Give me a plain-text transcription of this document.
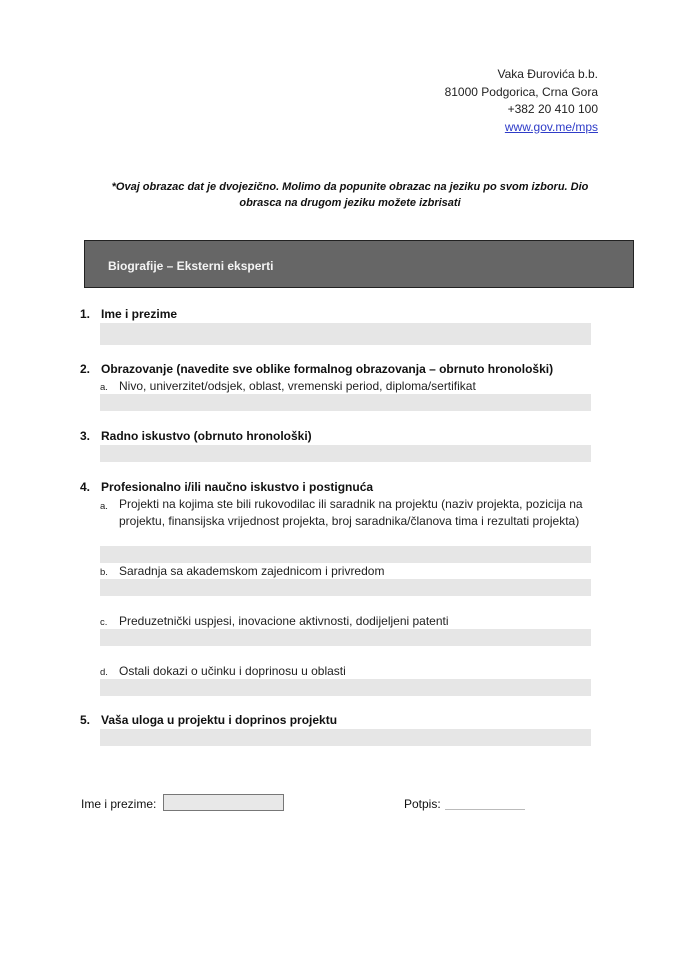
Vaka Đurovića b.b.
81000 Podgorica, Crna Gora
+382 20 410 100
www.gov.me/mps
*Ovaj obrazac dat je dvojezično. Molimo da popunite obrazac na jeziku po svom izboru. Dio obrasca na drugom jeziku možete izbrisati
Biografije – Eksterni eksperti
1. Ime i prezime
2. Obrazovanje (navedite sve oblike formalnog obrazovanja – obrnuto hronološki)
a. Nivo, univerzitet/odsjek, oblast, vremenski period, diploma/sertifikat
3. Radno iskustvo (obrnuto hronološki)
4. Profesionalno i/ili naučno iskustvo i postignuća
a. Projekti na kojima ste bili rukovodilac ili saradnik na projektu (naziv projekta, pozicija na projektu, finansijska vrijednost projekta, broj saradnika/članova tima i rezultati projekta)
b. Saradnja sa akademskom zajednicom i privredom
c. Preduzetnički uspjesi, inovacione aktivnosti, dodijeljeni patenti
d. Ostali dokazi o učinku i doprinosu u oblasti
5. Vaša uloga u projektu i doprinos projektu
Ime i prezime:	Potpis:
